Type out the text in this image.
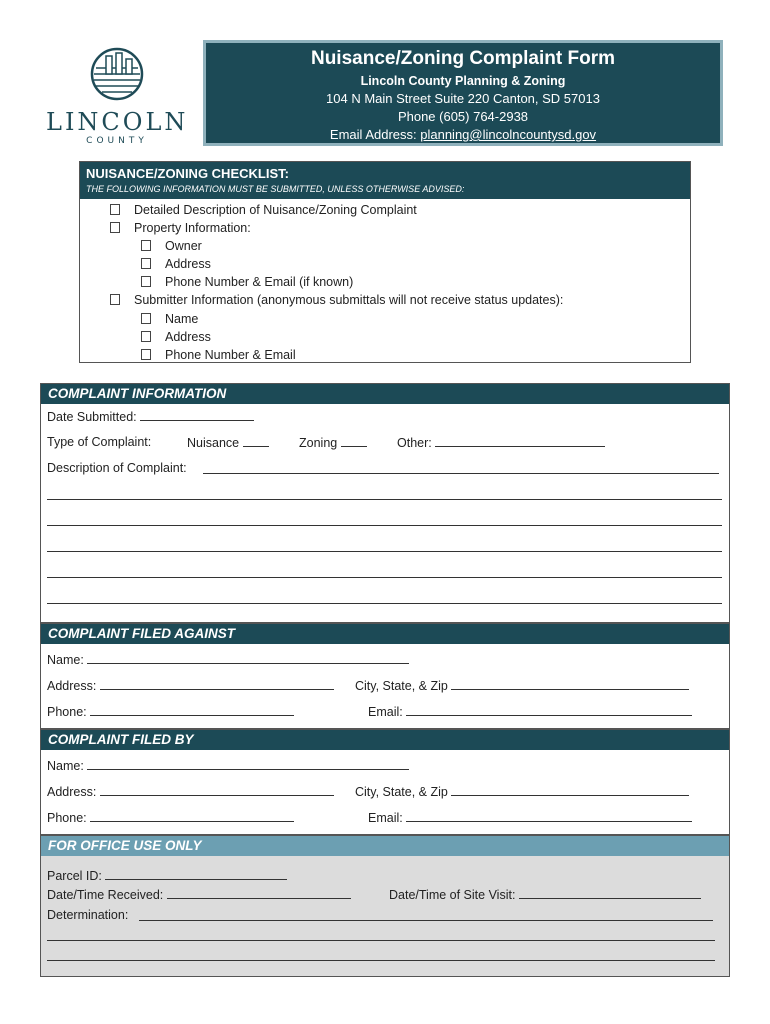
LINCOLN
COUNTY
Nuisance/Zoning Complaint Form
Lincoln County Planning & Zoning
104 N Main Street Suite 220 Canton, SD 57013
Phone (605) 764-2938
Email Address: planning@lincolncountysd.gov
NUISANCE/ZONING CHECKLIST:
THE FOLLOWING INFORMATION MUST BE SUBMITTED, UNLESS OTHERWISE ADVISED:
Detailed Description of Nuisance/Zoning Complaint
Property Information:
Owner
Address
Phone Number & Email (if known)
Submitter Information (anonymous submittals will not receive status updates):
Name
Address
Phone Number & Email
COMPLAINT INFORMATION
Date Submitted:
Type of Complaint:	Nuisance	Zoning	Other:
Description of Complaint:
COMPLAINT FILED AGAINST
Name:
Address:	City, State, & Zip
Phone:	Email:
COMPLAINT FILED BY
Name:
Address:	City, State, & Zip
Phone:	Email:
FOR OFFICE USE ONLY
Parcel ID:
Date/Time Received:	Date/Time of Site Visit:
Determination:
